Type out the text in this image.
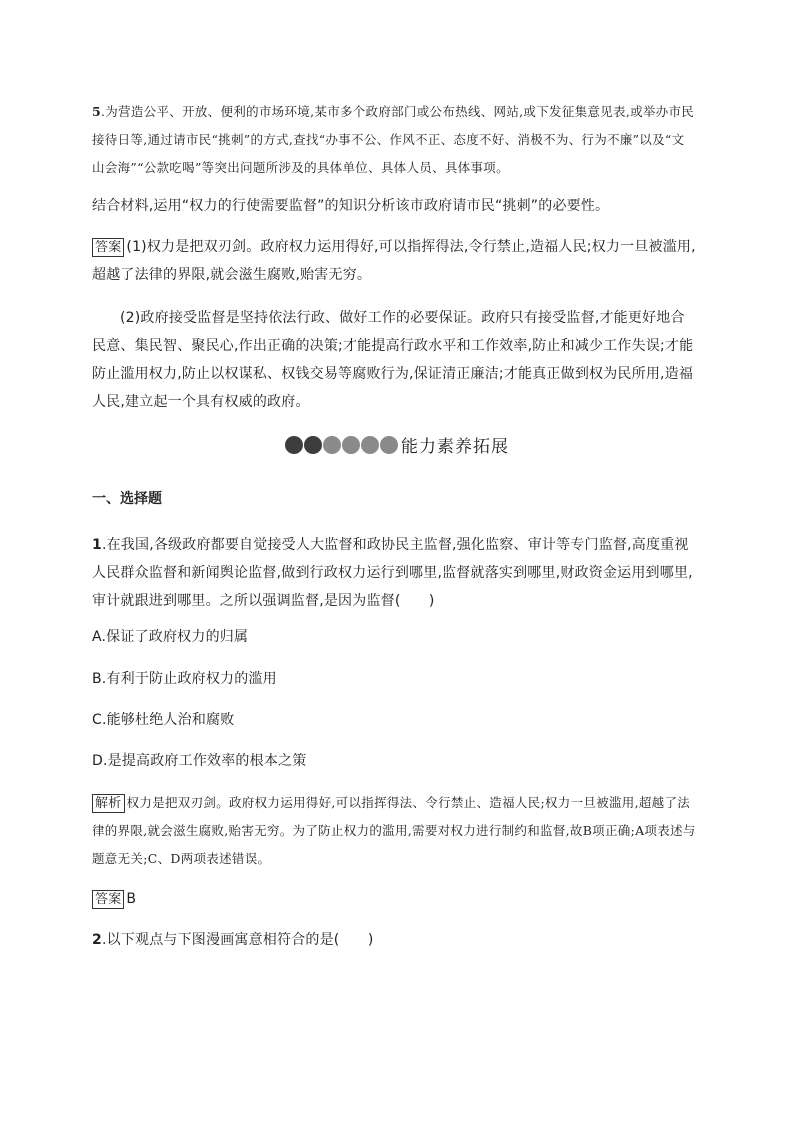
5.为营造公平、开放、便利的市场环境,某市多个政府部门或公布热线、网站,或下发征集意见表,或举办市民接待日等,通过请市民“挑刺”的方式,查找“办事不公、作风不正、态度不好、消极不为、行为不廉”以及“文山会海”“公款吃喝”等突出问题所涉及的具体单位、具体人员、具体事项。
结合材料,运用“权力的行使需要监督”的知识分析该市政府请市民“挑刺”的必要性。
答案 (1)权力是把双刃剑。政府权力运用得好,可以指挥得法,令行禁止,造福人民;权力一旦被滥用,超越了法律的界限,就会滋生腐败,贻害无穷。
(2)政府接受监督是坚持依法行政、做好工作的必要保证。政府只有接受监督,才能更好地合民意、集民智、聚民心,作出正确的决策;才能提高行政水平和工作效率,防止和减少工作失误;才能防止滥用权力,防止以权谋私、权钱交易等腐败行为,保证清正廉洁;才能真正做到权为民所用,造福人民,建立起一个具有权威的政府。
能力素养拓展
一、选择题
1.在我国,各级政府都要自觉接受人大监督和政协民主监督,强化监察、审计等专门监督,高度重视人民群众监督和新闻舆论监督,做到行政权力运行到哪里,监督就落实到哪里,财政资金运用到哪里,审计就跟进到哪里。之所以强调监督,是因为监督(　　)
A.保证了政府权力的归属
B.有利于防止政府权力的滥用
C.能够杜绝人治和腐败
D.是提高政府工作效率的根本之策
解析 权力是把双刃剑。政府权力运用得好,可以指挥得法、令行禁止、造福人民;权力一旦被滥用,超越了法律的界限,就会滋生腐败,贻害无穷。为了防止权力的滥用,需要对权力进行制约和监督,故B项正确;A项表述与题意无关;C、D两项表述错误。
答案 B
2.以下观点与下图漫画寓意相符合的是(　　)
